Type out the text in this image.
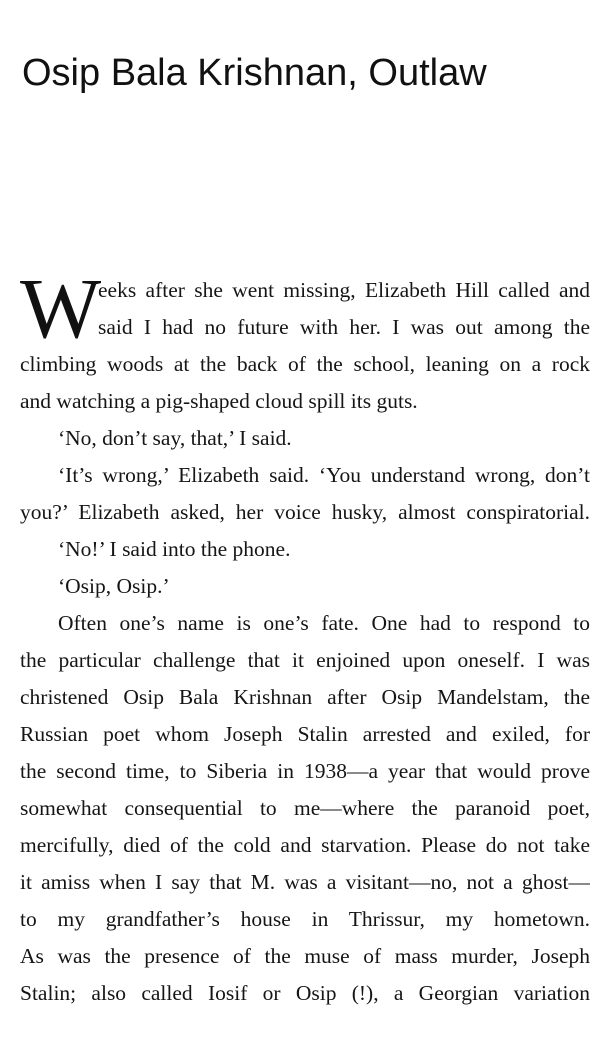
Osip Bala Krishnan, Outlaw
W
eeks after she went missing, Elizabeth Hill called and
said I had no future with her. I was out among the
climbing woods at the back of the school, leaning on a rock
and watching a pig-shaped cloud spill its guts.
‘No, don’t say, that,’ I said.
‘It’s wrong,’ Elizabeth said. ‘You understand wrong, don’t
you?’ Elizabeth asked, her voice husky, almost conspiratorial.
‘No!’ I said into the phone.
‘Osip, Osip.’
Often one’s name is one’s fate. One had to respond to
the particular challenge that it enjoined upon oneself. I was
christened Osip Bala Krishnan after Osip Mandelstam, the
Russian poet whom Joseph Stalin arrested and exiled, for
the second time, to Siberia in 1938—a year that would prove
somewhat consequential to me—where the paranoid poet,
mercifully, died of the cold and starvation. Please do not take
it amiss when I say that M. was a visitant—no, not a ghost—
to my grandfather’s house in Thrissur, my hometown.
As was the presence of the muse of mass murder, Joseph
Stalin; also called Iosif or Osip (!), a Georgian variation
